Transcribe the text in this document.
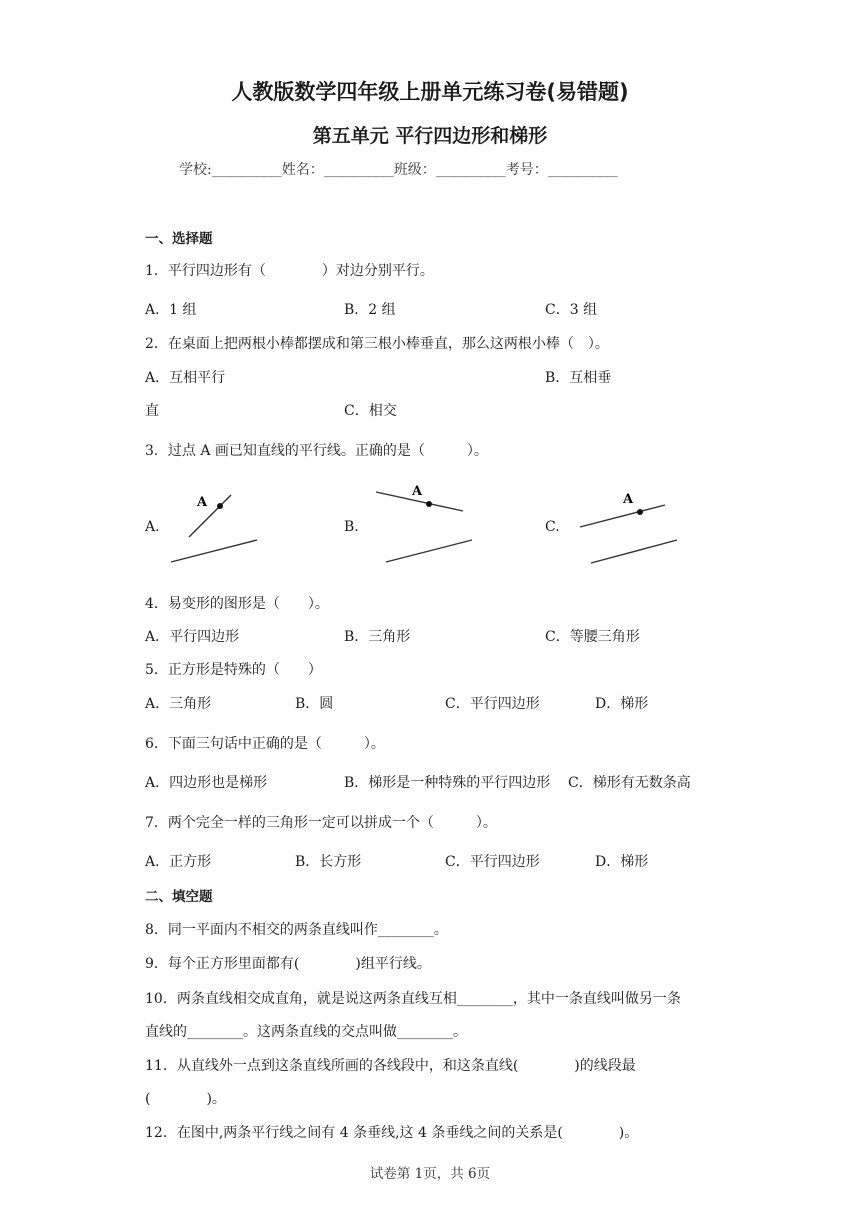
人教版数学四年级上册单元练习卷(易错题)
第五单元 平行四边形和梯形
学校:__________姓名：__________班级：__________考号：__________
一、选择题
1．平行四边形有（　　　　）对边分别平行。
A．1 组	B．2 组	C．3 组
2．在桌面上把两根小棒都摆成和第三根小棒垂直，那么这两根小棒（　）。
A．互相平行	B．互相垂
直	C．相交
3．过点 A 画已知直线的平行线。正确的是（　　　）。
A.
A
B.
A
C.
A
4．易变形的图形是（　　）。
A．平行四边形	B．三角形	C．等腰三角形
5．正方形是特殊的（　　）
A．三角形	B．圆	C．平行四边形	D．梯形
6．下面三句话中正确的是（　　　）。
A．四边形也是梯形	B．梯形是一种特殊的平行四边形 C．梯形有无数条高
7．两个完全一样的三角形一定可以拼成一个（　　　）。
A．正方形	B．长方形	C．平行四边形	D．梯形
二、填空题
8．同一平面内不相交的两条直线叫作________。
9．每个正方形里面都有(　　　　)组平行线。
10．两条直线相交成直角，就是说这两条直线互相________，其中一条直线叫做另一条
直线的________。这两条直线的交点叫做________。
11．从直线外一点到这条直线所画的各线段中，和这条直线(　　　　)的线段最
(　　　　)。
12．在图中,两条平行线之间有 4 条垂线,这 4 条垂线之间的关系是(　　　　)。
试卷第 1页，共 6页
